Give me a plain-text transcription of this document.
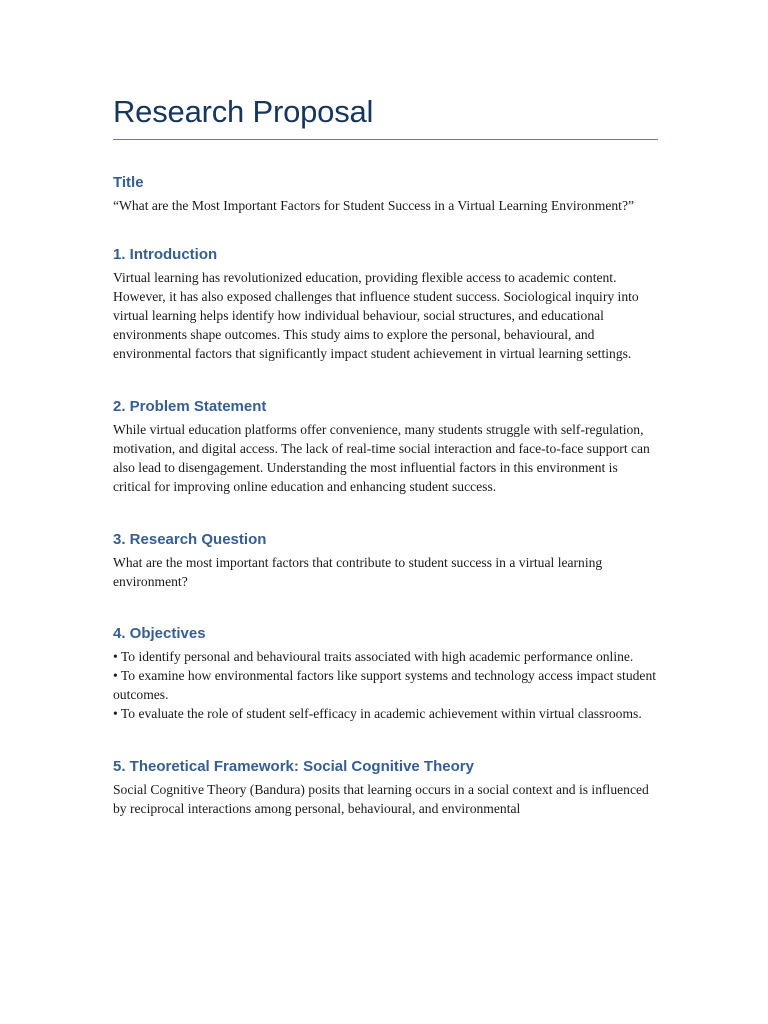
Research Proposal
Title

“What are the Most Important Factors for Student Success in a Virtual Learning Environment?”

1. Introduction

Virtual learning has revolutionized education, providing flexible access to academic content. However, it has also exposed challenges that influence student success. Sociological inquiry into virtual learning helps identify how individual behaviour, social structures, and educational environments shape outcomes. This study aims to explore the personal, behavioural, and environmental factors that significantly impact student achievement in virtual learning settings.

2. Problem Statement

While virtual education platforms offer convenience, many students struggle with self-regulation, motivation, and digital access. The lack of real-time social interaction and face-to-face support can also lead to disengagement. Understanding the most influential factors in this environment is critical for improving online education and enhancing student success.

3. Research Question

What are the most important factors that contribute to student success in a virtual learning environment?

4. Objectives

• To identify personal and behavioural traits associated with high academic performance online.

• To examine how environmental factors like support systems and technology access impact student outcomes.

• To evaluate the role of student self-efficacy in academic achievement within virtual classrooms.

5. Theoretical Framework: Social Cognitive Theory

Social Cognitive Theory (Bandura) posits that learning occurs in a social context and is influenced by reciprocal interactions among personal, behavioural, and environmental
